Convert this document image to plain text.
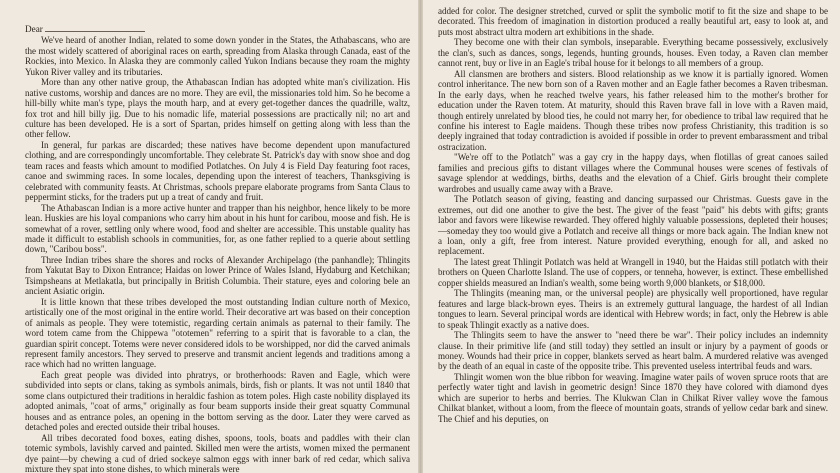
Dear

We've heard of another Indian, related to some down yonder in the States, the Athabascans, who are the most widely scattered of aboriginal races on earth, spreading from Alaska through Canada, east of the Rockies, into Mexico. In Alaska they are commonly called Yukon Indians because they roam the mighty Yukon River valley and its tributaries.

More than any other native group, the Athabascan Indian has adopted white man's civilization. His native customs, worship and dances are no more. They are evil, the missionaries told him. So he become a hill-billy white man's type, plays the mouth harp, and at every get-together dances the quadrille, waltz, fox trot and hill billy jig. Due to his nomadic life, material possessions are practically nil; no art and culture has been developed. He is a sort of Spartan, prides himself on getting along with less than the other fellow.

In general, fur parkas are discarded; these natives have become dependent upon manufactured clothing, and are correspondingly uncomfortable. They celebrate St. Patrick's day with snow shoe and dog team races and feasts which amount to modified Potlatches. On July 4 is Field Day featuring foot races, canoe and swimming races. In some locales, depending upon the interest of teachers, Thanksgiving is celebrated with community feasts. At Christmas, schools prepare elaborate programs from Santa Claus to peppermint sticks, for the traders put up a treat of candy and fruit.

The Athabascan Indian is a more active hunter and trapper than his neighbor, hence likely to be more lean. Huskies are his loyal companions who carry him about in his hunt for caribou, moose and fish. He is somewhat of a rover, settling only where wood, food and shelter are accessible. This unstable quality has made it difficult to establish schools in communities, for, as one father replied to a querie about settling down, "Caribou boss".

Three Indian tribes share the shores and rocks of Alexander Archipelago (the panhandle); Thlingits from Yakutat Bay to Dixon Entrance; Haidas on lower Prince of Wales Island, Hydaburg and Ketchikan; Tsimpsheans at Metlakatla, but principally in British Columbia. Their stature, eyes and coloring bele an ancient Asiatic origin.

It is little known that these tribes developed the most outstanding Indian culture north of Mexico, artistically one of the most original in the entire world. Their decorative art was based on their conception of animals as people. They were totemistic, regarding certain animals as paternal to their family. The word totem came from the Chippewa "ototemen" referring to a spirit that is favorable to a clan, the guardian spirit concept. Totems were never considered idols to be worshipped, nor did the carved animals represent family ancestors. They served to preserve and transmit ancient legends and traditions among a race which had no written language.

Each great people was divided into phratrys, or brotherhoods: Raven and Eagle, which were subdivided into septs or clans, taking as symbols animals, birds, fish or plants. It was not until 1840 that some clans outpictured their traditions in heraldic fashion as totem poles. High caste nobility displayed its adopted animals, "coat of arms," originally as four beam supports inside their great squatty Communal houses and as entrance poles, an opening in the bottom serving as the door. Later they were carved as detached poles and erected outside their tribal houses.

All tribes decorated food boxes, eating dishes, spoons, tools, boats and paddles with their clan totemic symbols, lavishly carved and painted. Skilled men were the artists, women mixed the permanent dye paint—by chewing a cud of dried sockeye salmon eggs with inner bark of red cedar, which saliva mixture they spat into stone dishes, to which minerals were

added for color. The designer stretched, curved or split the symbolic motif to fit the size and shape to be decorated. This freedom of imagination in distortion produced a really beautiful art, easy to look at, and puts most abstract ultra modern art exhibitions in the shade.

They become one with their clan symbols, inseparable. Everything became possessively, exclusively the clan's, such as dances, songs, legends, hunting grounds, houses. Even today, a Raven clan member cannot rent, buy or live in an Eagle's tribal house for it belongs to all members of a group.

All clansmen are brothers and sisters. Blood relationship as we know it is partially ignored. Women control inheritance. The new born son of a Raven mother and an Eagle father becomes a Raven tribesman. In the early days, when he reached twelve years, his father released him to the mother's brother for education under the Raven totem. At maturity, should this Raven brave fall in love with a Raven maid, though entirely unrelated by blood ties, he could not marry her, for obedience to tribal law required that he confine his interest to Eagle maidens. Though these tribes now profess Christianity, this tradition is so deeply ingrained that today contradiction is avoided if possible in order to prevent embarassment and tribal ostracization.

"We're off to the Potlatch" was a gay cry in the happy days, when flotillas of great canoes sailed families and precious gifts to distant villages where the Communal houses were scenes of festivals of savage splendor at weddings, births, deaths and the elevation of a Chief. Girls brought their complete wardrobes and usually came away with a Brave.

The Potlatch season of giving, feasting and dancing surpassed our Christmas. Guests gave in the extremes, out did one another to give the best. The giver of the feast "paid" his debts with gifts; grants labor and favors were likewise rewarded. They offered highly valuable possessions, depleted their houses;—someday they too would give a Potlatch and receive all things or more back again. The Indian knew not a loan, only a gift, free from interest. Nature provided everything, enough for all, and asked no replacement.

The latest great Thlingit Potlatch was held at Wrangell in 1940, but the Haidas still potlatch with their brothers on Queen Charlotte Island. The use of coppers, or tenneha, however, is extinct. These embellished copper shields measured an Indian's wealth, some being worth 9,000 blankets, or $18,000.

The Thlingits (meaning man, or the universal people) are physically well proportioned, have regular features and large black-brown eyes. Theirs is an extremely guttural language, the hardest of all Indian tongues to learn. Several principal words are identical with Hebrew words; in fact, only the Hebrew is able to speak Thlingit exactly as a native does.

The Thlingits seem to have the answer to "need there be war". Their policy includes an indemnity clause. In their primitive life (and still today) they settled an insult or injury by a payment of goods or money. Wounds had their price in copper, blankets served as heart balm. A murdered relative was avenged by the death of an equal in caste of the opposite tribe. This prevented useless intertribal feuds and wars.

Thlingit women won the blue ribbon for weaving. Imagine water pails of woven spruce roots that are perfectly water tight and lavish in geometric design! Since 1870 they have colored with diamond dyes which are superior to herbs and berries. The Klukwan Clan in Chilkat River valley wove the famous Chilkat blanket, without a loom, from the fleece of mountain goats, strands of yellow cedar bark and sinew. The Chief and his deputies, on
